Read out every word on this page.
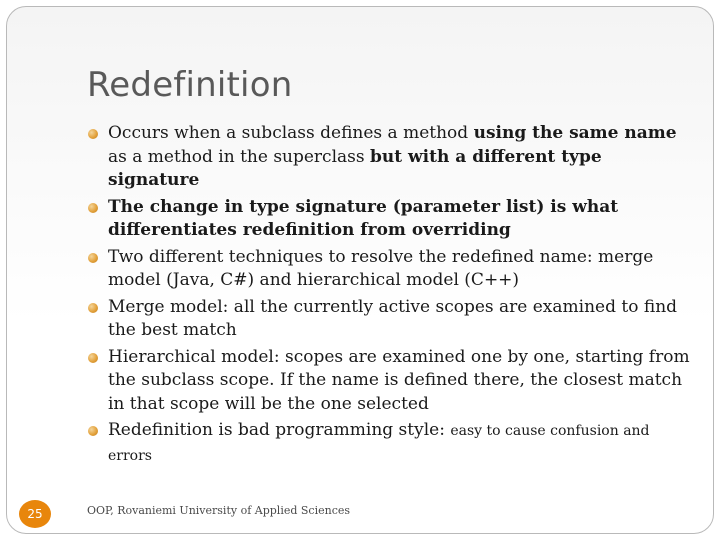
Redefinition
Occurs when a subclass defines a method using the same name as a method in the superclass but with a different type signature
The change in type signature (parameter list) is what differentiates redefinition from overriding
Two different techniques to resolve the redefined name: merge model (Java, C#) and hierarchical model (C++)
Merge model: all the currently active scopes are examined to find the best match
Hierarchical model: scopes are examined one by one, starting from the subclass scope. If the name is defined there, the closest match in that scope will be the one selected
Redefinition is bad programming style: easy to cause confusion and errors
25	OOP, Rovaniemi University of Applied Sciences
